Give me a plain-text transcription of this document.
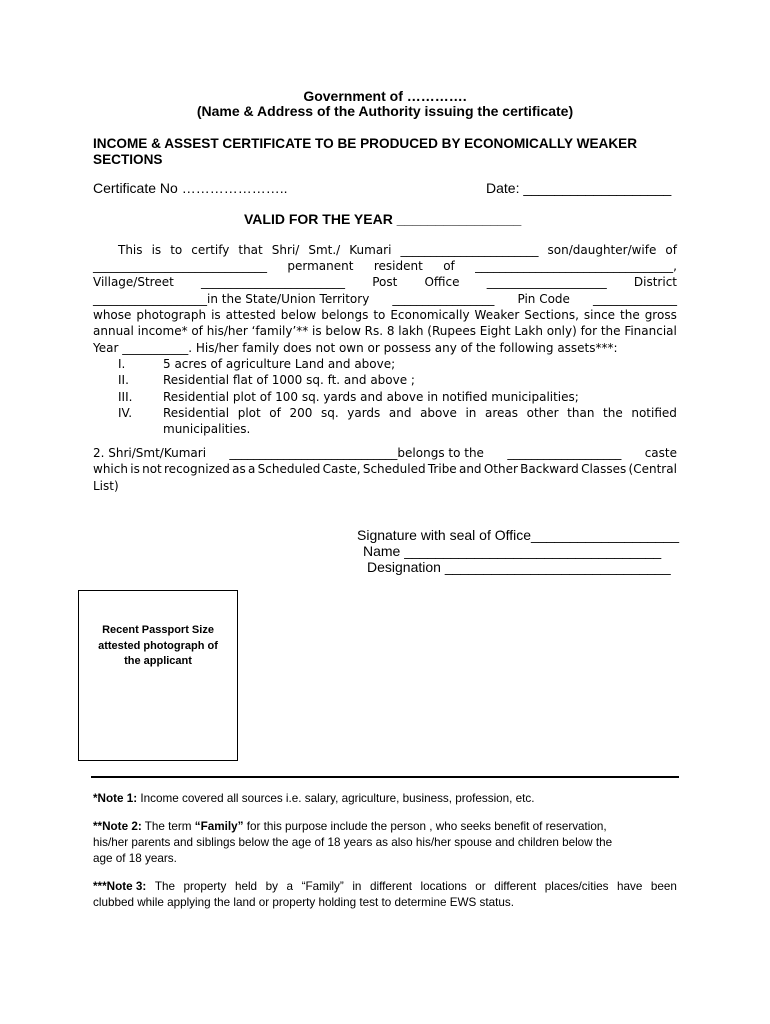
Government of ………….
(Name & Address of the Authority issuing the certificate)
INCOME & ASSEST CERTIFICATE TO BE PRODUCED BY ECONOMICALLY WEAKER
SECTIONS
Certificate No …………………..	Date: ___________________
VALID FOR THE YEAR ________________
This is to certify that Shri/ Smt./ Kumari _______________________ son/daughter/wife of
_____________________________ permanent resident of _________________________________,
Village/Street ________________________ Post Office ____________________ District
___________________in the State/Union Territory _________________ Pin Code ______________
whose photograph is attested below belongs to Economically Weaker Sections, since the gross
annual income* of his/her ‘family’** is below Rs. 8 lakh (Rupees Eight Lakh only) for the Financial
Year ___________. His/her family does not own or possess any of the following assets***:
I.	5 acres of agriculture Land and above;
II.	Residential flat of 1000 sq. ft. and above ;
III.	Residential plot of 100 sq. yards and above in notified municipalities;
IV.	Residential plot of 200 sq. yards and above in areas other than the notified
municipalities.
2. Shri/Smt/Kumari ____________________________belongs to the ___________________ caste
which is not recognized as a Scheduled Caste, Scheduled Tribe and Other Backward Classes (Central
List)
Signature with seal of Office___________________
Name _________________________________
Designation _____________________________
Recent Passport Size
attested photograph of
the applicant
*Note 1: Income covered all sources i.e. salary, agriculture, business, profession, etc.
**Note 2: The term “Family” for this purpose include the person , who seeks benefit of reservation,
his/her parents and siblings below the age of 18 years as also his/her spouse and children below the
age of 18 years.
***Note 3: The property held by a “Family” in different locations or different places/cities have been
clubbed while applying the land or property holding test to determine EWS status.
